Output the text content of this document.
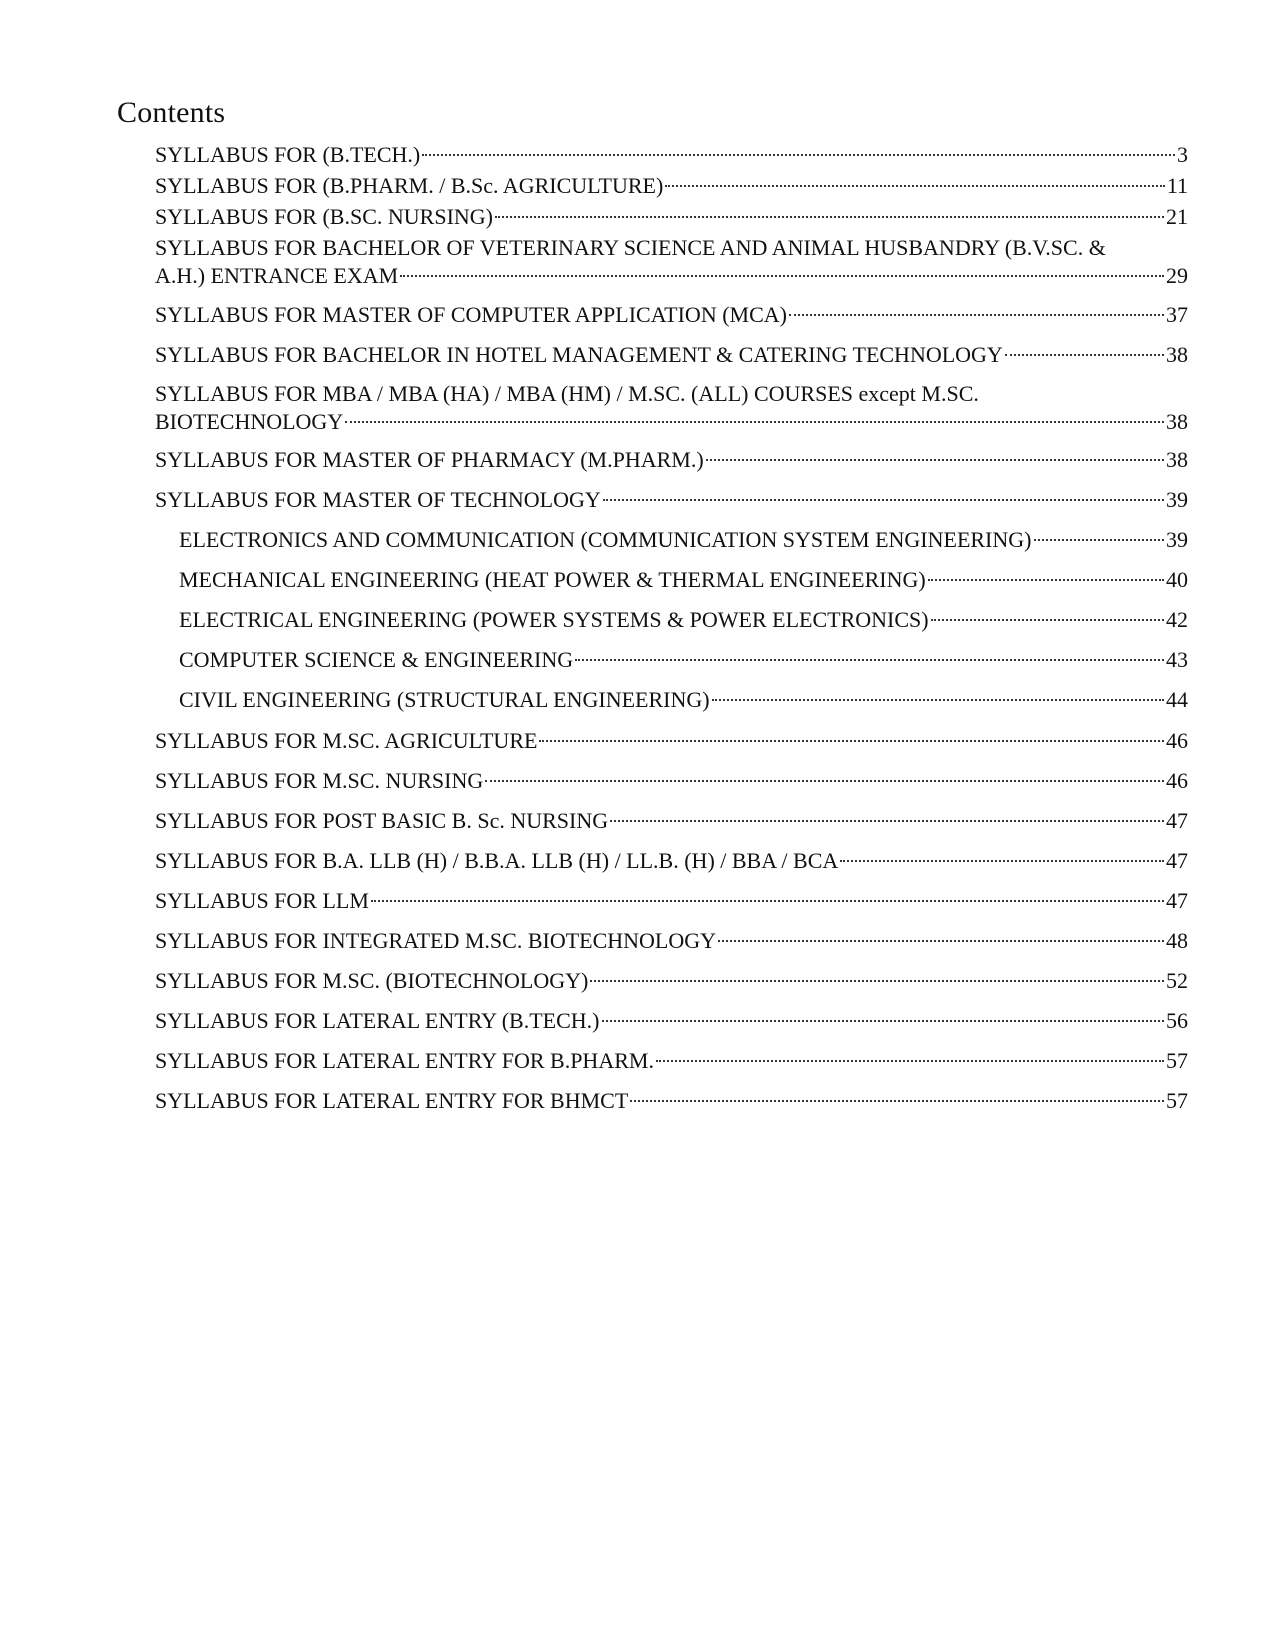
Contents
SYLLABUS FOR (B.TECH.)	3
SYLLABUS FOR (B.PHARM. / B.Sc. AGRICULTURE)	11
SYLLABUS FOR (B.SC. NURSING)	21
SYLLABUS FOR BACHELOR OF VETERINARY SCIENCE AND ANIMAL HUSBANDRY (B.V.SC. &
A.H.) ENTRANCE EXAM	29
SYLLABUS FOR MASTER OF COMPUTER APPLICATION (MCA)	37
SYLLABUS FOR BACHELOR IN HOTEL MANAGEMENT & CATERING TECHNOLOGY	38
SYLLABUS FOR MBA / MBA (HA) / MBA (HM) / M.SC. (ALL) COURSES except M.SC.
BIOTECHNOLOGY	38
SYLLABUS FOR MASTER OF PHARMACY (M.PHARM.)	38
SYLLABUS FOR MASTER OF TECHNOLOGY	39
ELECTRONICS AND COMMUNICATION (COMMUNICATION SYSTEM ENGINEERING)	39
MECHANICAL ENGINEERING (HEAT POWER & THERMAL ENGINEERING)	40
ELECTRICAL ENGINEERING (POWER SYSTEMS & POWER ELECTRONICS)	42
COMPUTER SCIENCE & ENGINEERING	43
CIVIL ENGINEERING (STRUCTURAL ENGINEERING)	44
SYLLABUS FOR M.SC. AGRICULTURE	46
SYLLABUS FOR M.SC. NURSING	46
SYLLABUS FOR POST BASIC B. Sc. NURSING	47
SYLLABUS FOR B.A. LLB (H) / B.B.A. LLB (H) / LL.B. (H) / BBA / BCA	47
SYLLABUS FOR LLM	47
SYLLABUS FOR INTEGRATED M.SC. BIOTECHNOLOGY	48
SYLLABUS FOR M.SC. (BIOTECHNOLOGY)	52
SYLLABUS FOR LATERAL ENTRY (B.TECH.)	56
SYLLABUS FOR LATERAL ENTRY FOR B.PHARM.	57
SYLLABUS FOR LATERAL ENTRY FOR BHMCT	57
